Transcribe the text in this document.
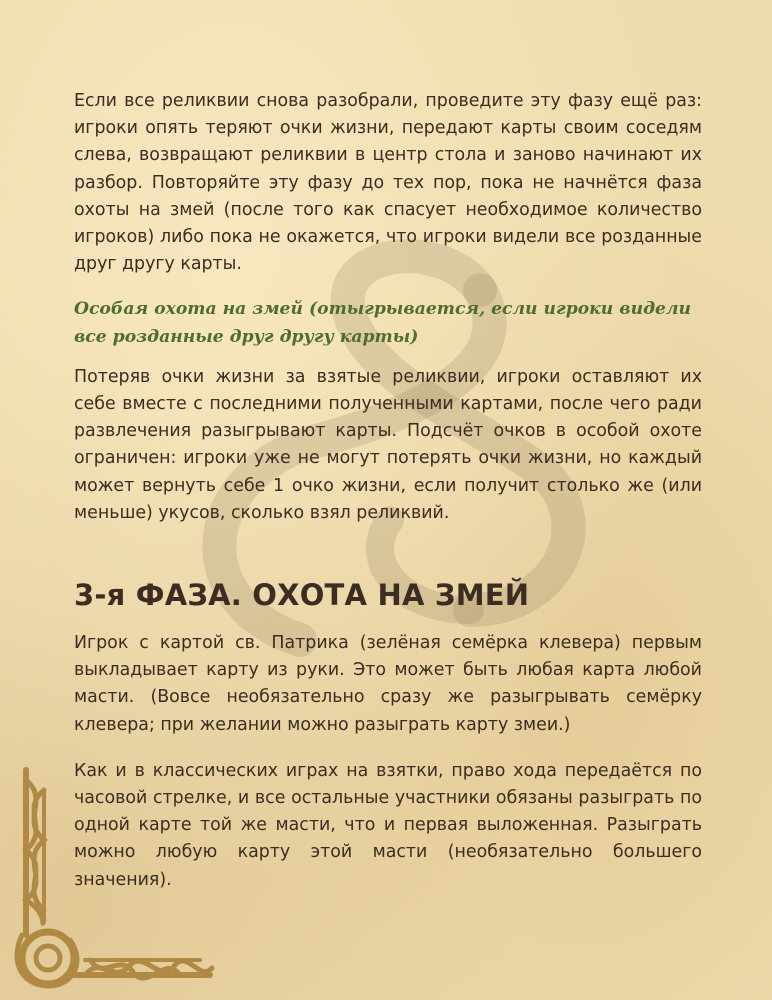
Если все реликвии снова разобрали, проведите эту фазу ещё раз: игроки опять теряют очки жизни, передают карты своим соседям слева, возвращают реликвии в центр стола и заново начинают их разбор. Повторяйте эту фазу до тех пор, пока не начнётся фаза охоты на змей (после того как спасует необходимое количество игроков) либо пока не окажется, что игроки видели все розданные друг другу карты.

Особая охота на змей (отыгрывается, если игроки видели все розданные друг другу карты)

Потеряв очки жизни за взятые реликвии, игроки оставляют их себе вместе с последними полученными картами, после чего ради развлечения разыгрывают карты. Подсчёт очков в особой охоте ограничен: игроки уже не могут потерять очки жизни, но каждый может вернуть себе 1 очко жизни, если получит столько же (или меньше) укусов, сколько взял реликвий.

3-я ФАЗА. ОХОТА НА ЗМЕЙ

Игрок с картой св. Патрика (зелёная семёрка клевера) первым выкладывает карту из руки. Это может быть любая карта любой масти. (Вовсе необязательно сразу же разыгрывать семёрку клевера; при желании можно разыграть карту змеи.)

Как и в классических играх на взятки, право хода передаётся по часовой стрелке, и все остальные участники обязаны разыграть по одной карте той же масти, что и первая выложенная. Разыграть можно любую карту этой масти (необязательно большего значения).
